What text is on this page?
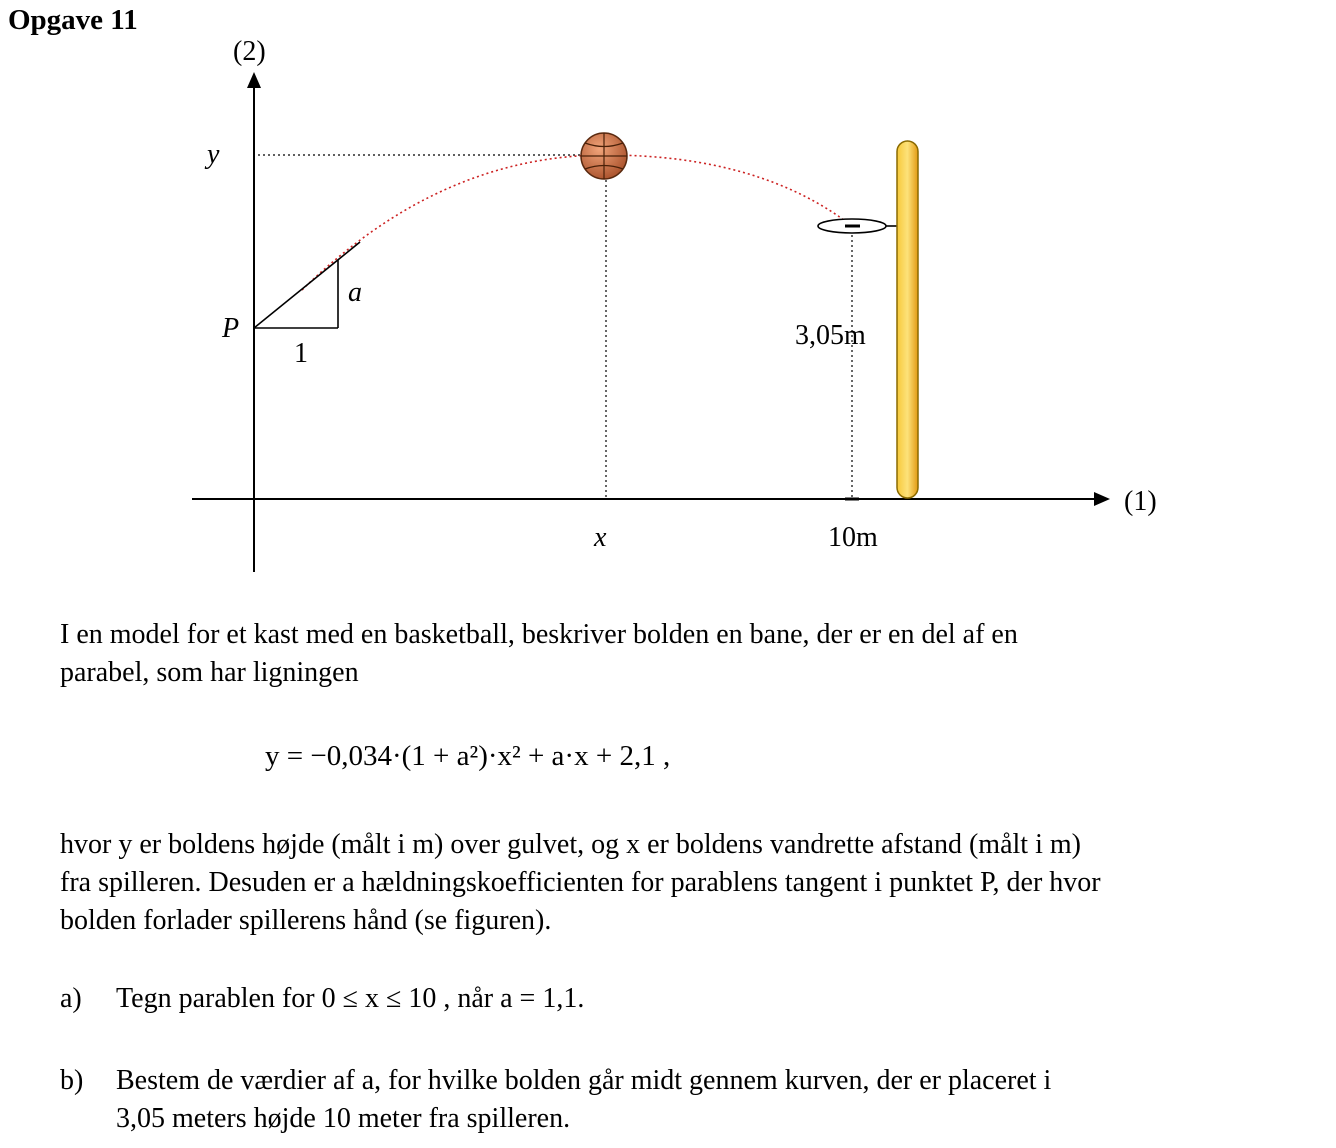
Opgave 11
(2)
(1)
y
x
P
a
1
3,05m
10m
I en model for et kast med en basketball, beskriver bolden en bane, der er en del af en
parabel, som har ligningen
y = −0,034·(1 + a²)·x² + a·x + 2,1 ,
hvor y er boldens højde (målt i m) over gulvet, og x er boldens vandrette afstand (målt i m)
fra spilleren. Desuden er a hældningskoefficienten for parablens tangent i punktet P, der hvor
bolden forlader spillerens hånd (se figuren).
a) Tegn parablen for 0 ≤ x ≤ 10 , når a = 1,1.
b) Bestem de værdier af a, for hvilke bolden går midt gennem kurven, der er placeret i
3,05 meters højde 10 meter fra spilleren.
